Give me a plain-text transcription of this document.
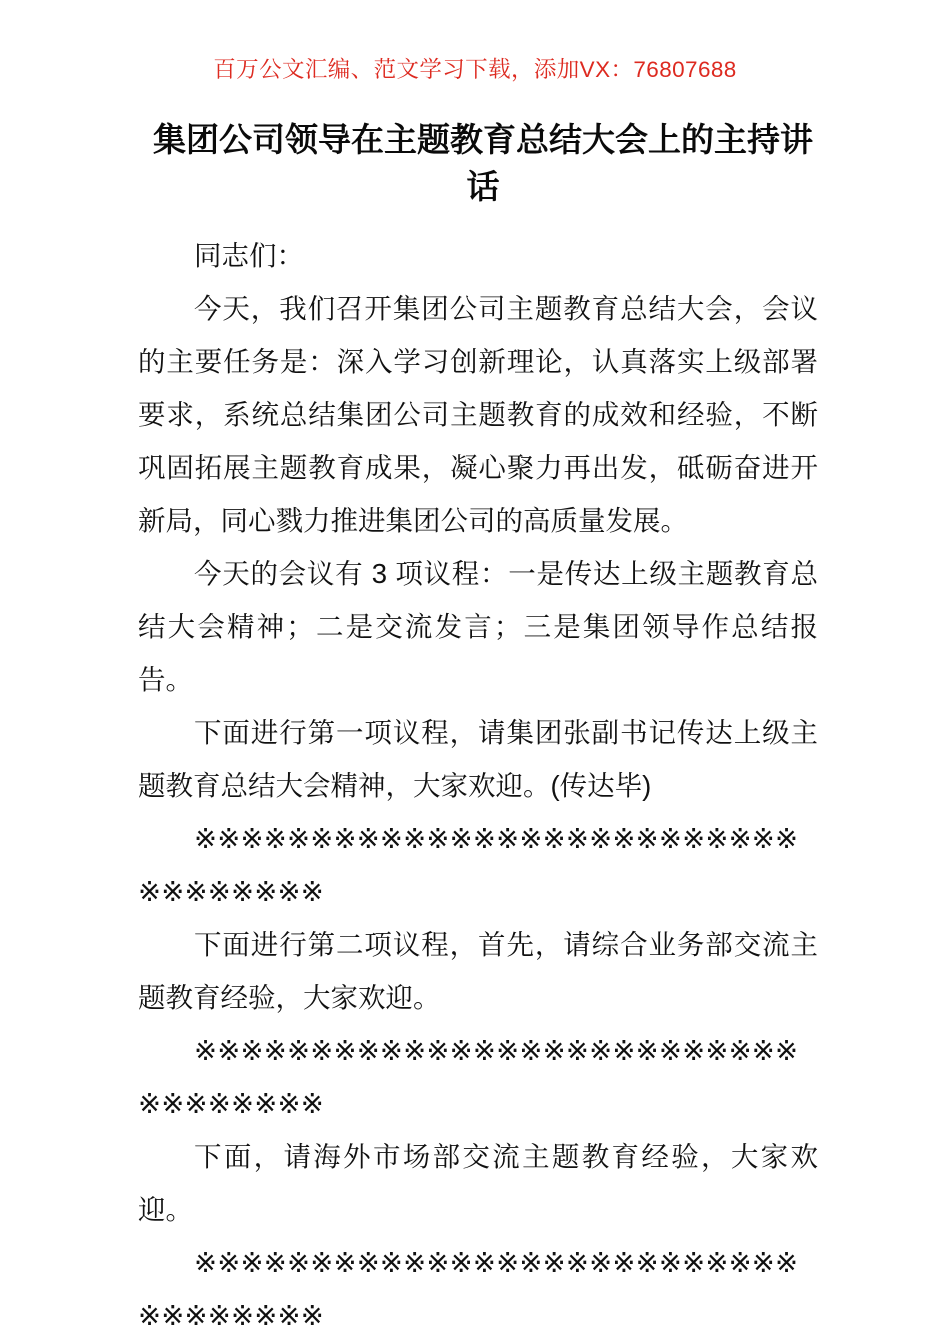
百万公文汇编、范文学习下载，添加VX：76807688
集团公司领导在主题教育总结大会上的主持讲话

同志们：

今天，我们召开集团公司主题教育总结大会，会议的主要任务是：深入学习创新理论，认真落实上级部署要求，系统总结集团公司主题教育的成效和经验，不断巩固拓展主题教育成果，凝心聚力再出发，砥砺奋进开新局，同心戮力推进集团公司的高质量发展。

今天的会议有 3 项议程：一是传达上级主题教育总结大会精神；二是交流发言；三是集团领导作总结报告。

下面进行第一项议程，请集团张副书记传达上级主题教育总结大会精神，大家欢迎。(传达毕)

※※※※※※※※※※※※※※※※※※※※※※※※※※※※※※※※※※

下面进行第二项议程，首先，请综合业务部交流主题教育经验，大家欢迎。

※※※※※※※※※※※※※※※※※※※※※※※※※※※※※※※※※※

下面，请海外市场部交流主题教育经验，大家欢迎。

※※※※※※※※※※※※※※※※※※※※※※※※※※※※※※※※※※
